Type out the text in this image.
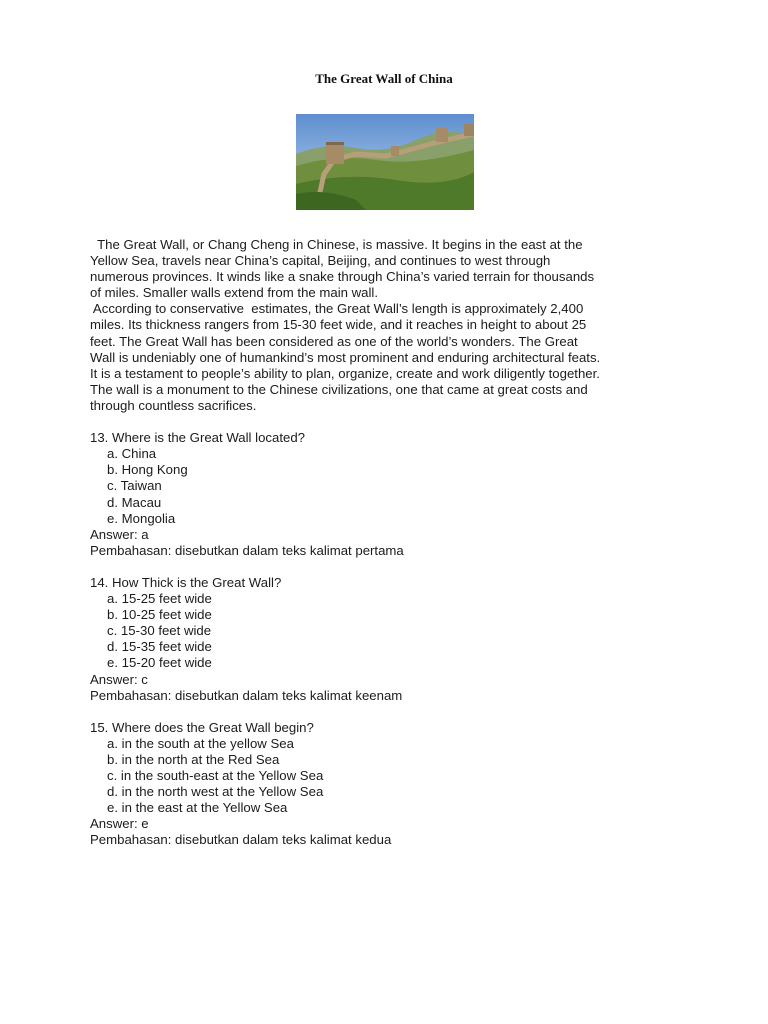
The Great Wall of China
The Great Wall, or Chang Cheng in Chinese, is massive. It begins in the east at the
Yellow Sea, travels near China’s capital, Beijing, and continues to west through
numerous provinces. It winds like a snake through China’s varied terrain for thousands
of miles. Smaller walls extend from the main wall.
According to conservative  estimates, the Great Wall’s length is approximately 2,400
miles. Its thickness rangers from 15-30 feet wide, and it reaches in height to about 25
feet. The Great Wall has been considered as one of the world’s wonders. The Great
Wall is undeniably one of humankind’s most prominent and enduring architectural feats.
It is a testament to people’s ability to plan, organize, create and work diligently together.
The wall is a monument to the Chinese civilizations, one that came at great costs and
through countless sacrifices.
13. Where is the Great Wall located?
a. China
b. Hong Kong
c. Taiwan
d. Macau
e. Mongolia
Answer: a
Pembahasan: disebutkan dalam teks kalimat pertama
14. How Thick is the Great Wall?
a. 15-25 feet wide
b. 10-25 feet wide
c. 15-30 feet wide
d. 15-35 feet wide
e. 15-20 feet wide
Answer: c
Pembahasan: disebutkan dalam teks kalimat keenam
15. Where does the Great Wall begin?
a. in the south at the yellow Sea
b. in the north at the Red Sea
c. in the south-east at the Yellow Sea
d. in the north west at the Yellow Sea
e. in the east at the Yellow Sea
Answer: e
Pembahasan: disebutkan dalam teks kalimat kedua
